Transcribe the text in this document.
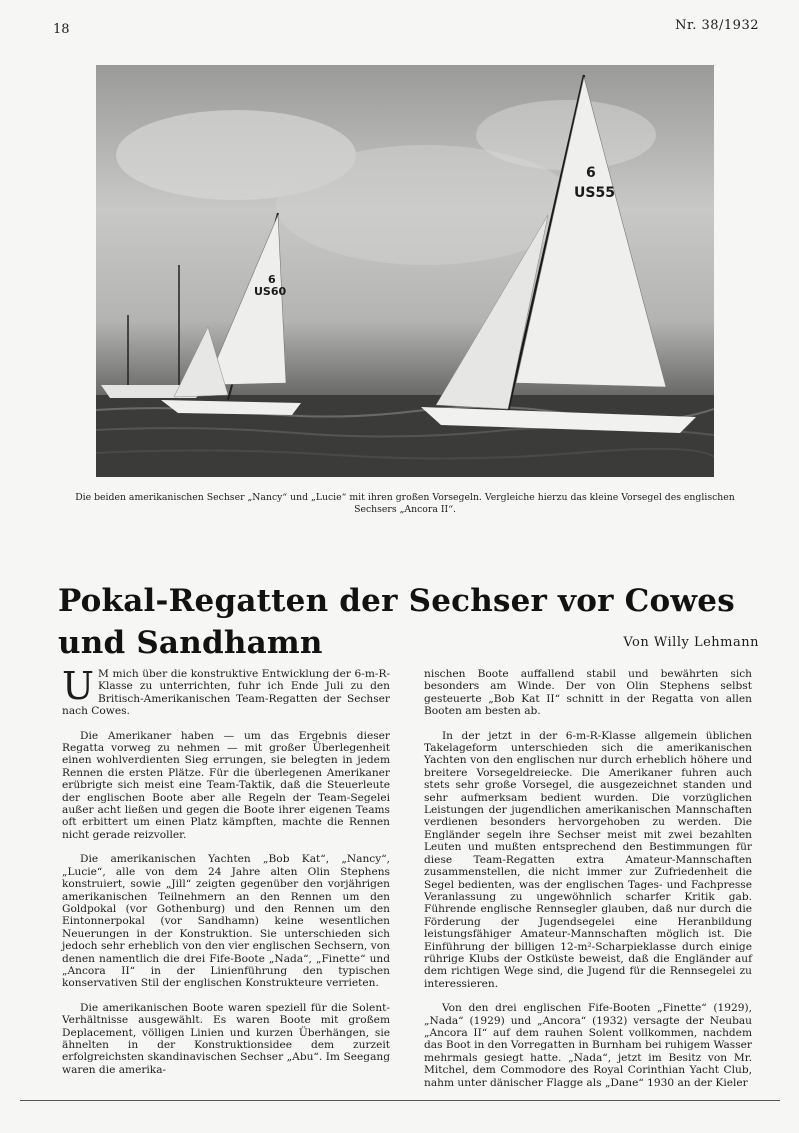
18	Nr. 38/1932
6
US60
6
US55
Die beiden amerikanischen Sechser „Nancy“ und „Lucie“ mit ihren großen Vorsegeln. Vergleiche hierzu das kleine Vorsegel des englischen Sechsers „Ancora II“.
Pokal-Regatten der Sechser vor Cowes und Sandhamn	Von Willy Lehmann

U M mich über die konstruktive Entwicklung der 6-m-R-Klasse zu unterrichten, fuhr ich Ende Juli zu den Britisch-Amerikanischen Team-Regatten der Sechser nach Cowes.

Die Amerikaner haben — um das Ergebnis dieser Regatta vorweg zu nehmen — mit großer Überlegenheit einen wohlverdienten Sieg errungen, sie belegten in jedem Rennen die ersten Plätze. Für die überlegenen Amerikaner erübrigte sich meist eine Team-Taktik, daß die Steuerleute der englischen Boote aber alle Regeln der Team-Segelei außer acht ließen und gegen die Boote ihrer eigenen Teams oft erbittert um einen Platz kämpften, machte die Rennen nicht gerade reizvoller.

Die amerikanischen Yachten „Bob Kat“, „Nancy“, „Lucie“, alle von dem 24 Jahre alten Olin Stephens konstruiert, sowie „Jill“ zeigten gegenüber den vorjährigen amerikanischen Teilnehmern an den Rennen um den Goldpokal (vor Gothenburg) und den Rennen um den Eintonnerpokal (vor Sandhamn) keine wesentlichen Neuerungen in der Konstruktion. Sie unterschieden sich jedoch sehr erheblich von den vier englischen Sechsern, von denen namentlich die drei Fife-Boote „Nada“, „Finette“ und „Ancora II“ in der Linienführung den typischen konservativen Stil der englischen Konstrukteure verrieten.

Die amerikanischen Boote waren speziell für die Solent-Verhältnisse ausgewählt. Es waren Boote mit großem Deplacement, völligen Linien und kurzen Überhängen, sie ähnelten in der Konstruktionsidee dem zurzeit erfolgreichsten skandinavischen Sechser „Abu“. Im Seegang waren die amerika-

nischen Boote auffallend stabil und bewährten sich besonders am Winde. Der von Olin Stephens selbst gesteuerte „Bob Kat II“ schnitt in der Regatta von allen Booten am besten ab.

In der jetzt in der 6-m-R-Klasse allgemein üblichen Takelageform unterschieden sich die amerikanischen Yachten von den englischen nur durch erheblich höhere und breitere Vorsegeldreiecke. Die Amerikaner fuhren auch stets sehr große Vorsegel, die ausgezeichnet standen und sehr aufmerksam bedient wurden. Die vorzüglichen Leistungen der jugendlichen amerikanischen Mannschaften verdienen besonders hervorgehoben zu werden. Die Engländer segeln ihre Sechser meist mit zwei bezahlten Leuten und mußten entsprechend den Bestimmungen für diese Team-Regatten extra Amateur-Mannschaften zusammenstellen, die nicht immer zur Zufriedenheit die Segel bedienten, was der englischen Tages- und Fachpresse Veranlassung zu ungewöhnlich scharfer Kritik gab. Führende englische Rennsegler glauben, daß nur durch die Förderung der Jugendsegelei eine Heranbildung leistungsfähiger Amateur-Mannschaften möglich ist. Die Einführung der billigen 12-m²-Scharpieklasse durch einige rührige Klubs der Ostküste beweist, daß die Engländer auf dem richtigen Wege sind, die Jugend für die Rennsegelei zu interessieren.

Von den drei englischen Fife-Booten „Finette“ (1929), „Nada“ (1929) und „Ancora“ (1932) versagte der Neubau „Ancora II“ auf dem rauhen Solent vollkommen, nachdem das Boot in den Vorregatten in Burnham bei ruhigem Wasser mehrmals gesiegt hatte. „Nada“, jetzt im Besitz von Mr. Mitchel, dem Commodore des Royal Corinthian Yacht Club, nahm unter dänischer Flagge als „Dane“ 1930 an der Kieler
